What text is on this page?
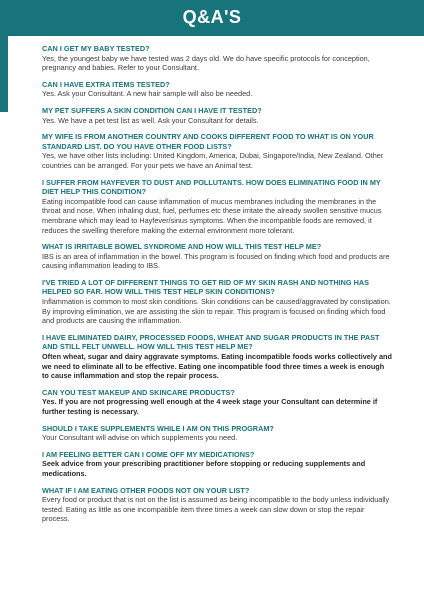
Q&A'S
CAN I GET MY BABY TESTED?
Yes, the youngest baby we have tested was 2 days old. We do have specific protocols for conception, pregnancy and babies. Refer to your Consultant.
CAN I HAVE EXTRA ITEMS TESTED?
Yes. Ask your Consultant. A new hair sample will also be needed.
MY PET SUFFERS A SKIN CONDITION CAN I HAVE IT TESTED?
Yes. We have a pet test list as well. Ask your Consultant for details.
MY WIFE IS FROM ANOTHER COUNTRY AND COOKS DIFFERENT FOOD TO WHAT IS ON YOUR STANDARD LIST. DO YOU HAVE OTHER FOOD LISTS?
Yes, we have other lists including: United Kingdom, America, Dubai, Singapore/India, New Zealand. Other countries can be arranged. For your pets we have an Animal test.
I SUFFER FROM HAYFEVER TO DUST AND POLLUTANTS. HOW DOES ELIMINATING FOOD IN MY DIET HELP THIS CONDITION?
Eating incompatible food can cause inflammation of mucus membranes including the membranes in the throat and nose. When inhaling dust, fuel, perfumes etc these irritate the already swollen sensitive mucus membrane which may lead to Hayfever/sinus symptoms. When the incompatible foods are removed, it reduces the swelling therefore making the external environment more tolerant.
WHAT IS IRRITABLE BOWEL SYNDROME AND HOW WILL THIS TEST HELP ME?
IBS is an area of inflammation in the bowel. This program is focused on finding which food and products are causing inflammation leading to IBS.
I'VE TRIED A LOT OF DIFFERENT THINGS TO GET RID OF MY SKIN RASH AND NOTHING HAS HELPED SO FAR. HOW WILL THIS TEST HELP SKIN CONDITIONS?
Inflammation is common to most skin conditions. Skin conditions can be caused/aggravated by constipation. By improving elimination, we are assisting the skin to repair. This program is focused on finding which food and products are causing the inflammation.
I HAVE ELIMINATED DAIRY, PROCESSED FOODS, WHEAT AND SUGAR PRODUCTS IN THE PAST AND STILL FELT UNWELL. HOW WILL THIS TEST HELP ME?
Often wheat, sugar and dairy aggravate symptoms. Eating incompatible foods works collectively and we need to eliminate all to be effective. Eating one incompatible food three times a week is enough to cause inflammation and stop the repair process.
CAN YOU TEST MAKEUP AND SKINCARE PRODUCTS?
Yes. If you are not progressing well enough at the 4 week stage your Consultant can determine if further testing is necessary.
SHOULD I TAKE SUPPLEMENTS WHILE I AM ON THIS PROGRAM?
Your Consultant will advise on which supplements you need.
I AM FEELING BETTER CAN I COME OFF MY MEDICATIONS?
Seek advice from your prescribing practitioner before stopping or reducing supplements and medications.
WHAT IF I AM EATING OTHER FOODS NOT ON YOUR LIST?
Every food or product that is not on the list is assumed as being incompatible to the body unless individually tested. Eating as little as one incompatible item three times a week can slow down or stop the repair process.
